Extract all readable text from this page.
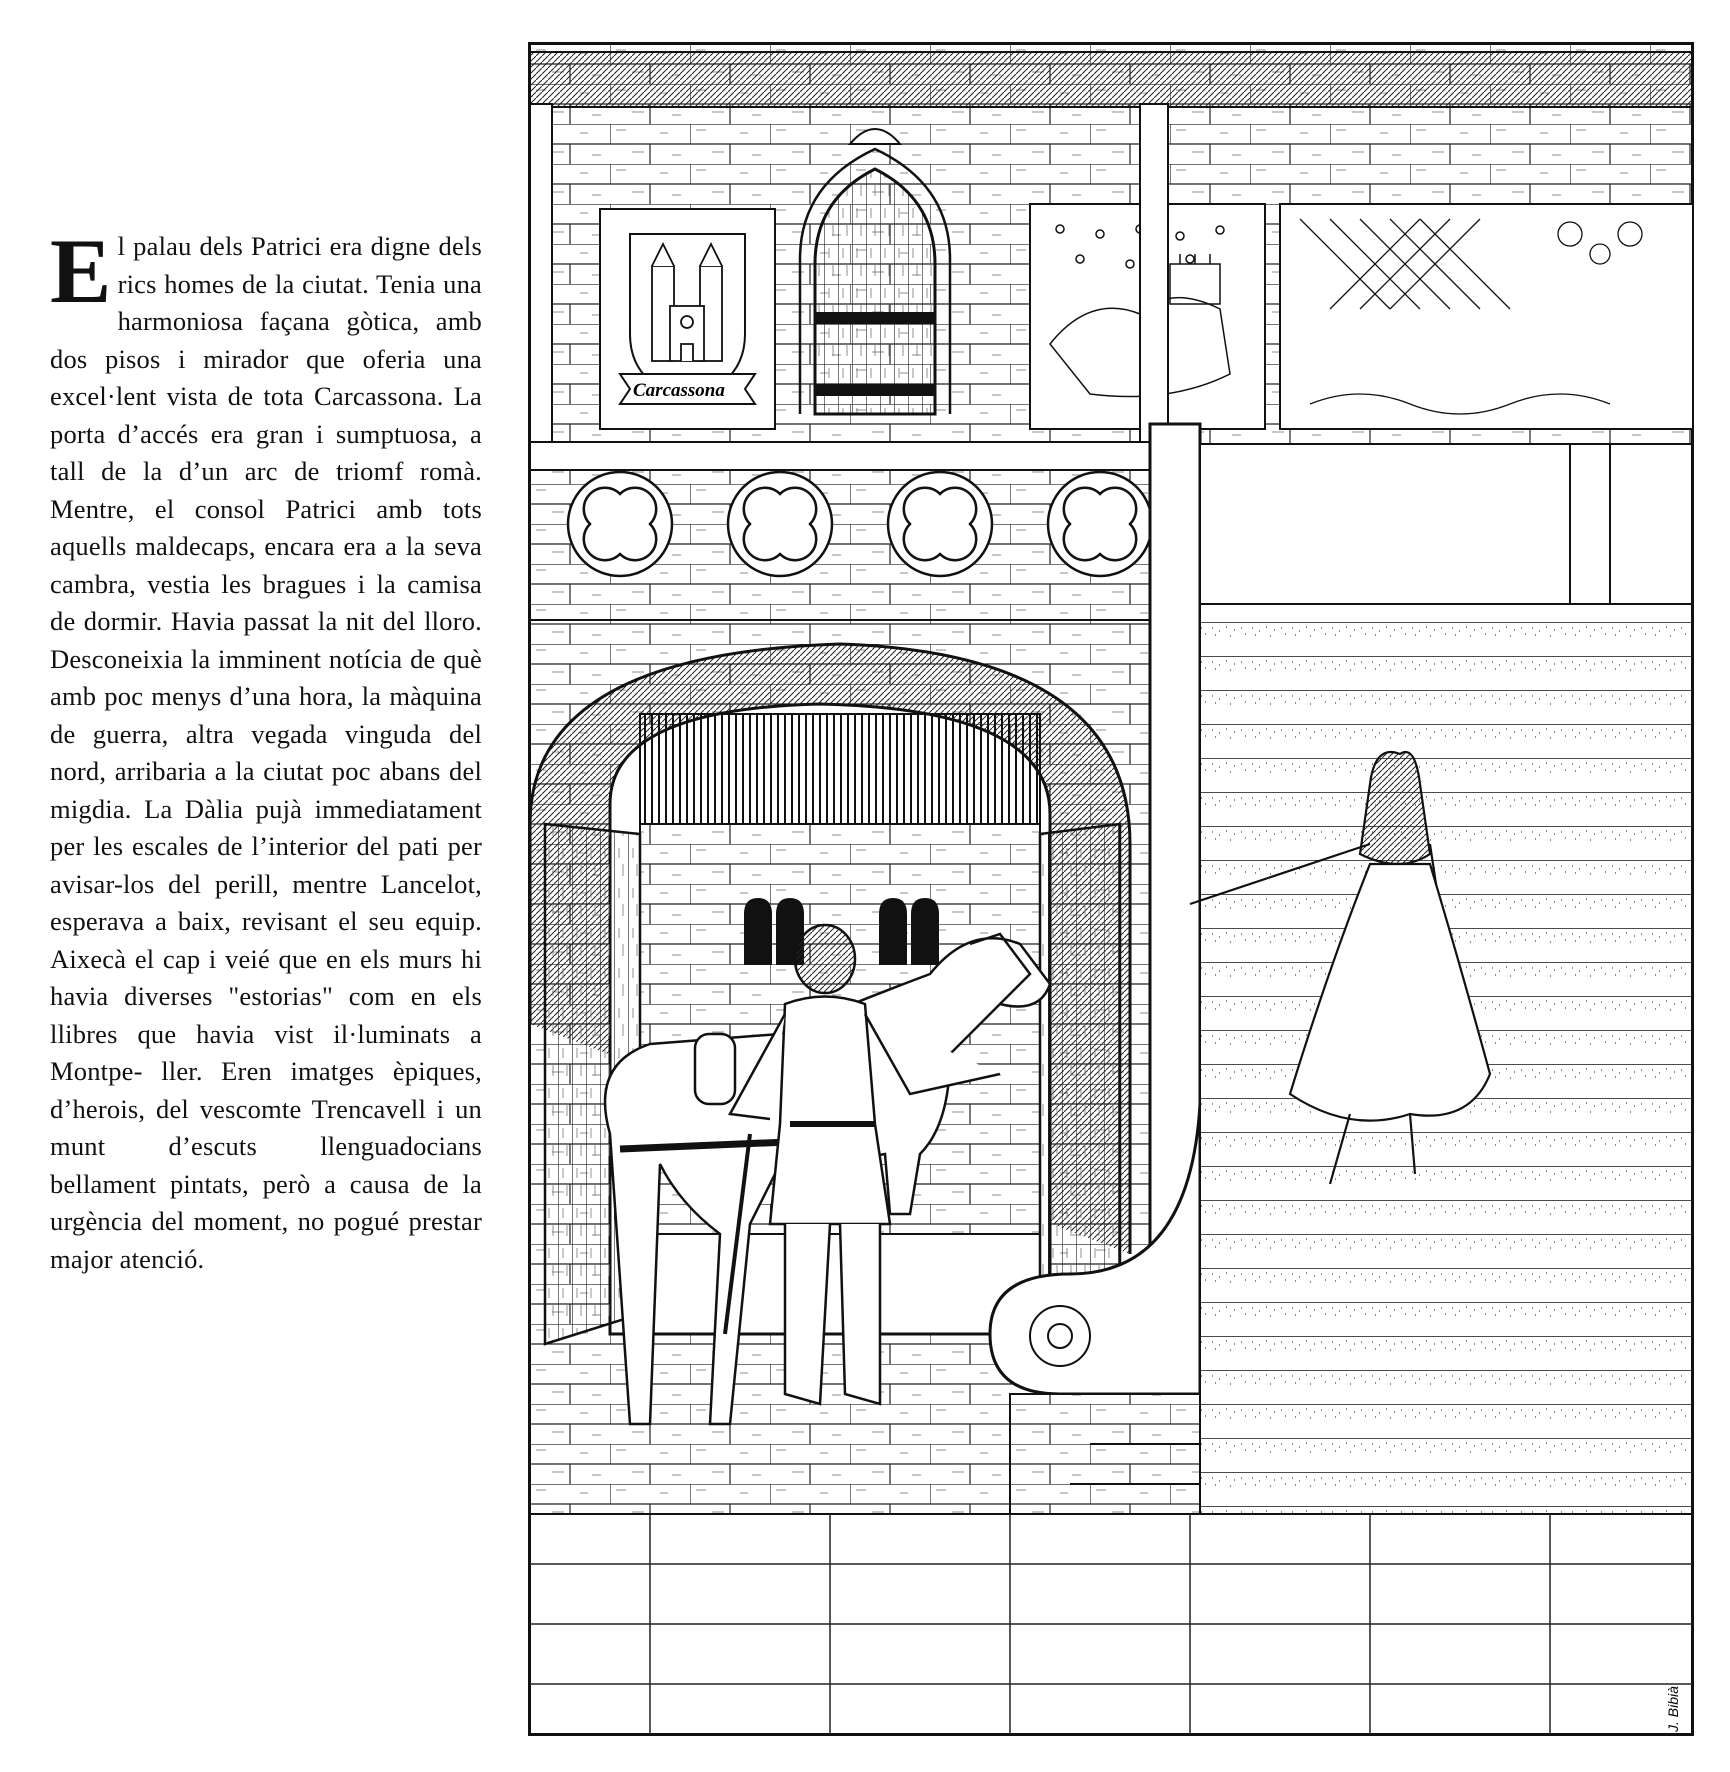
El palau dels Patrici era digne dels rics homes de la ciutat. Tenia una harmoniosa façana gòtica, amb dos pisos i mirador que oferia una excel·lent vista de tota Carcassona. La porta d’accés era gran i sumptuosa, a tall de la d’un arc de triomf romà. Mentre, el consol Patrici amb tots aquells maldecaps, encara era a la seva cambra, vestia les bragues i la camisa de dormir. Havia passat la nit del lloro. Desconeixia la imminent notícia de què amb poc menys d’una hora, la màquina de guerra, altra vegada vinguda del nord, arribaria a la ciutat poc abans del migdia. La Dàlia pujà immediatament per les escales de l’interior del pati per avisar-los del perill, mentre Lancelot, esperava a baix, revisant el seu equip. Aixecà el cap i veié que en els murs hi havia diverses "estorias" com en els llibres que havia vist il·luminats a Montpe- ller. Eren imatges èpiques, d’herois, del vescomte Trencavell i un munt d’escuts llenguadocians bellament pintats, però a causa de la urgència del moment, no pogué prestar major atenció.

Carcassona
J. Bibià
